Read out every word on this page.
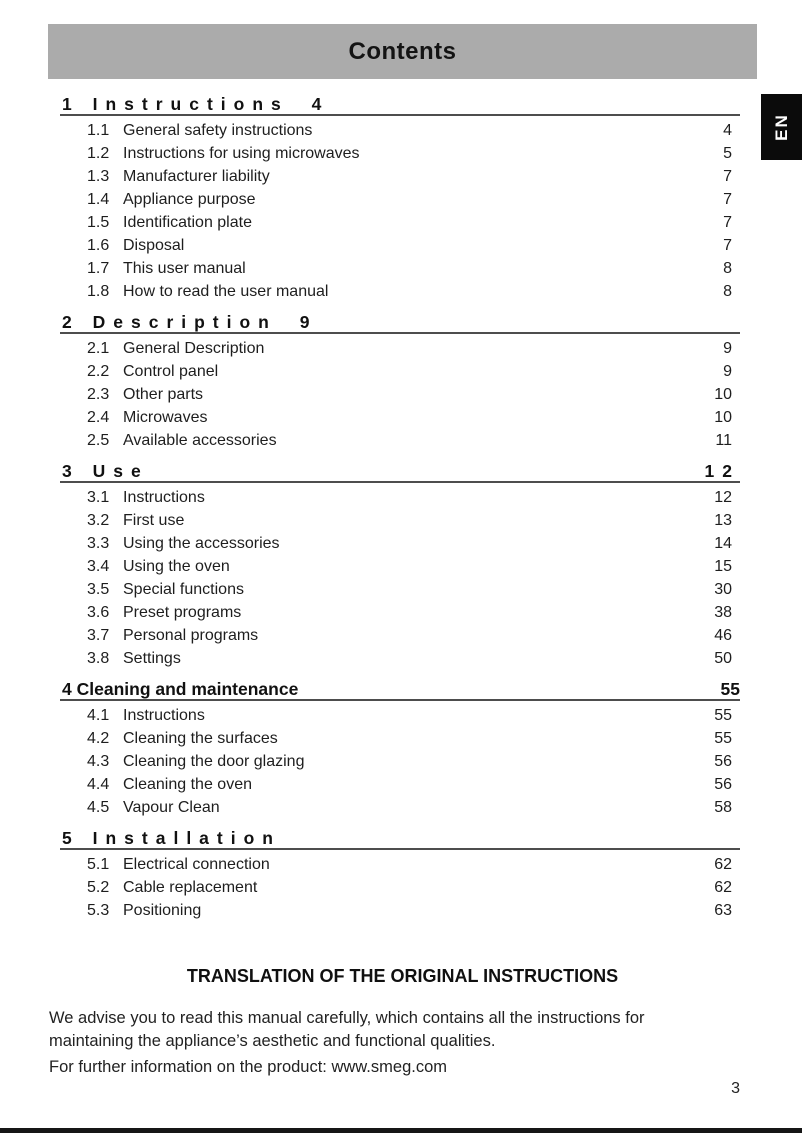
Contents
EN
1 Instructions 4
1.1 General safety instructions	4
1.2 Instructions for using microwaves	5
1.3 Manufacturer liability	7
1.4 Appliance purpose	7
1.5 Identification plate	7
1.6 Disposal	7
1.7 This user manual	8
1.8 How to read the user manual	8
2 Description 9
2.1 General Description	9
2.2 Control panel	9
2.3 Other parts	10
2.4 Microwaves	10
2.5 Available accessories	11
3 Use	12
3.1 Instructions	12
3.2 First use	13
3.3 Using the accessories	14
3.4 Using the oven	15
3.5 Special functions	30
3.6 Preset programs	38
3.7 Personal programs	46
3.8 Settings	50
4 Cleaning and maintenance	55
4.1 Instructions	55
4.2 Cleaning the surfaces	55
4.3 Cleaning the door glazing	56
4.4 Cleaning the oven	56
4.5 Vapour Clean	58
5 Installation
5.1 Electrical connection	62
5.2 Cable replacement	62
5.3 Positioning	63
TRANSLATION OF THE ORIGINAL INSTRUCTIONS
We advise you to read this manual carefully, which contains all the instructions for
maintaining the appliance’s aesthetic and functional qualities.
For further information on the product: www.smeg.com
3
